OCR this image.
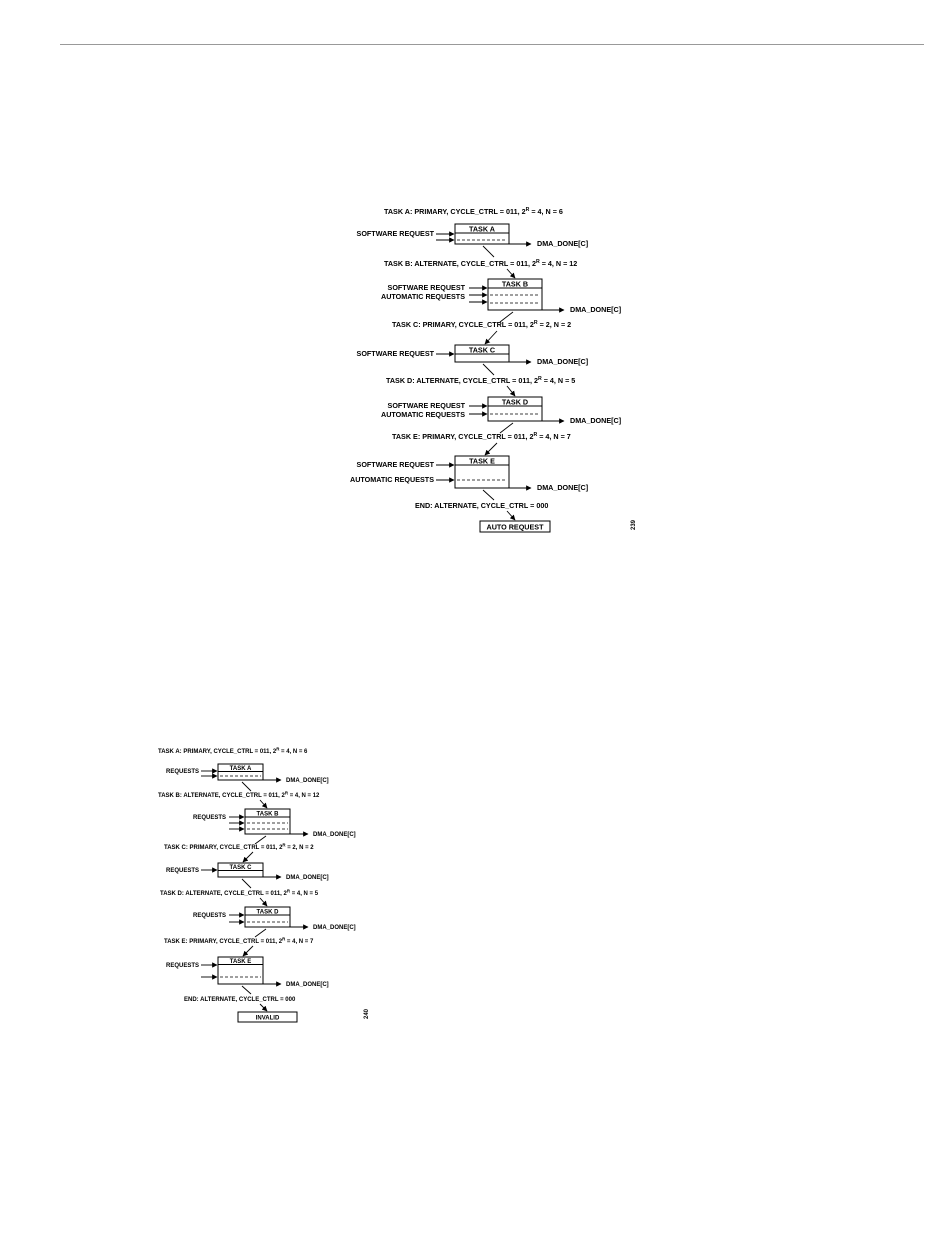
TASK A: PRIMARY, CYCLE_CTRL = 011, $2^R = 4$, N = 6
TASK A
SOFTWARE REQUEST
DMA_DONE[C]
TASK B: ALTERNATE, CYCLE_CTRL = 011, $2^R = 4$, N = 12
TASK B
SOFTWARE REQUEST
AUTOMATIC REQUESTS
DMA_DONE[C]
TASK C: PRIMARY, CYCLE_CTRL = 011, $2^R = 2$, N = 2
TASK C
SOFTWARE REQUEST
DMA_DONE[C]
TASK D: ALTERNATE, CYCLE_CTRL = 011, $2^R = 4$, N = 5
TASK D
SOFTWARE REQUEST
AUTOMATIC REQUESTS
DMA_DONE[C]
TASK E: PRIMARY, CYCLE_CTRL = 011, $2^R = 4$, N = 7
TASK E
SOFTWARE REQUEST
AUTOMATIC REQUESTS
DMA_DONE[C]
END: ALTERNATE, CYCLE_CTRL = 000
AUTO REQUEST	239
TASK A: PRIMARY, CYCLE_CTRL = 011, $2^R = 4$, N = 6
TASK A
REQUESTS
DMA_DONE[C]
TASK B: ALTERNATE, CYCLE_CTRL = 011, $2^R = 4$, N = 12
TASK B
REQUESTS
DMA_DONE[C]
TASK C: PRIMARY, CYCLE_CTRL = 011, $2^R = 2$, N = 2
TASK C
REQUESTS
DMA_DONE[C]
TASK D: ALTERNATE, CYCLE_CTRL = 011, $2^R = 4$, N = 5
TASK D
REQUESTS
DMA_DONE[C]
TASK E: PRIMARY, CYCLE_CTRL = 011, $2^R = 4$, N = 7
TASK E
REQUESTS
DMA_DONE[C]
END: ALTERNATE, CYCLE_CTRL = 000
INVALID	240
